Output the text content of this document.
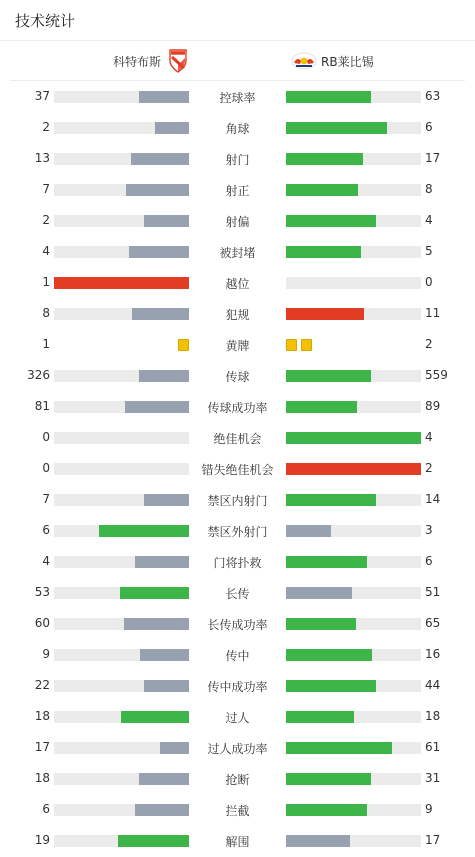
技术统计
科特布斯	RB莱比锡
37	控球率	63
2	角球	6
13	射门	17
7	射正	8
2	射偏	4
4	被封堵	5
1	越位	0
8	犯规	11
1	黄牌	2
326	传球	559
81	传球成功率	89
0	绝佳机会	4
0	错失绝佳机会	2
7	禁区内射门	14
6	禁区外射门	3
4	门将扑救	6
53	长传	51
60	长传成功率	65
9	传中	16
22	传中成功率	44
18	过人	18
17	过人成功率	61
18	抢断	31
6	拦截	9
19	解围	17
